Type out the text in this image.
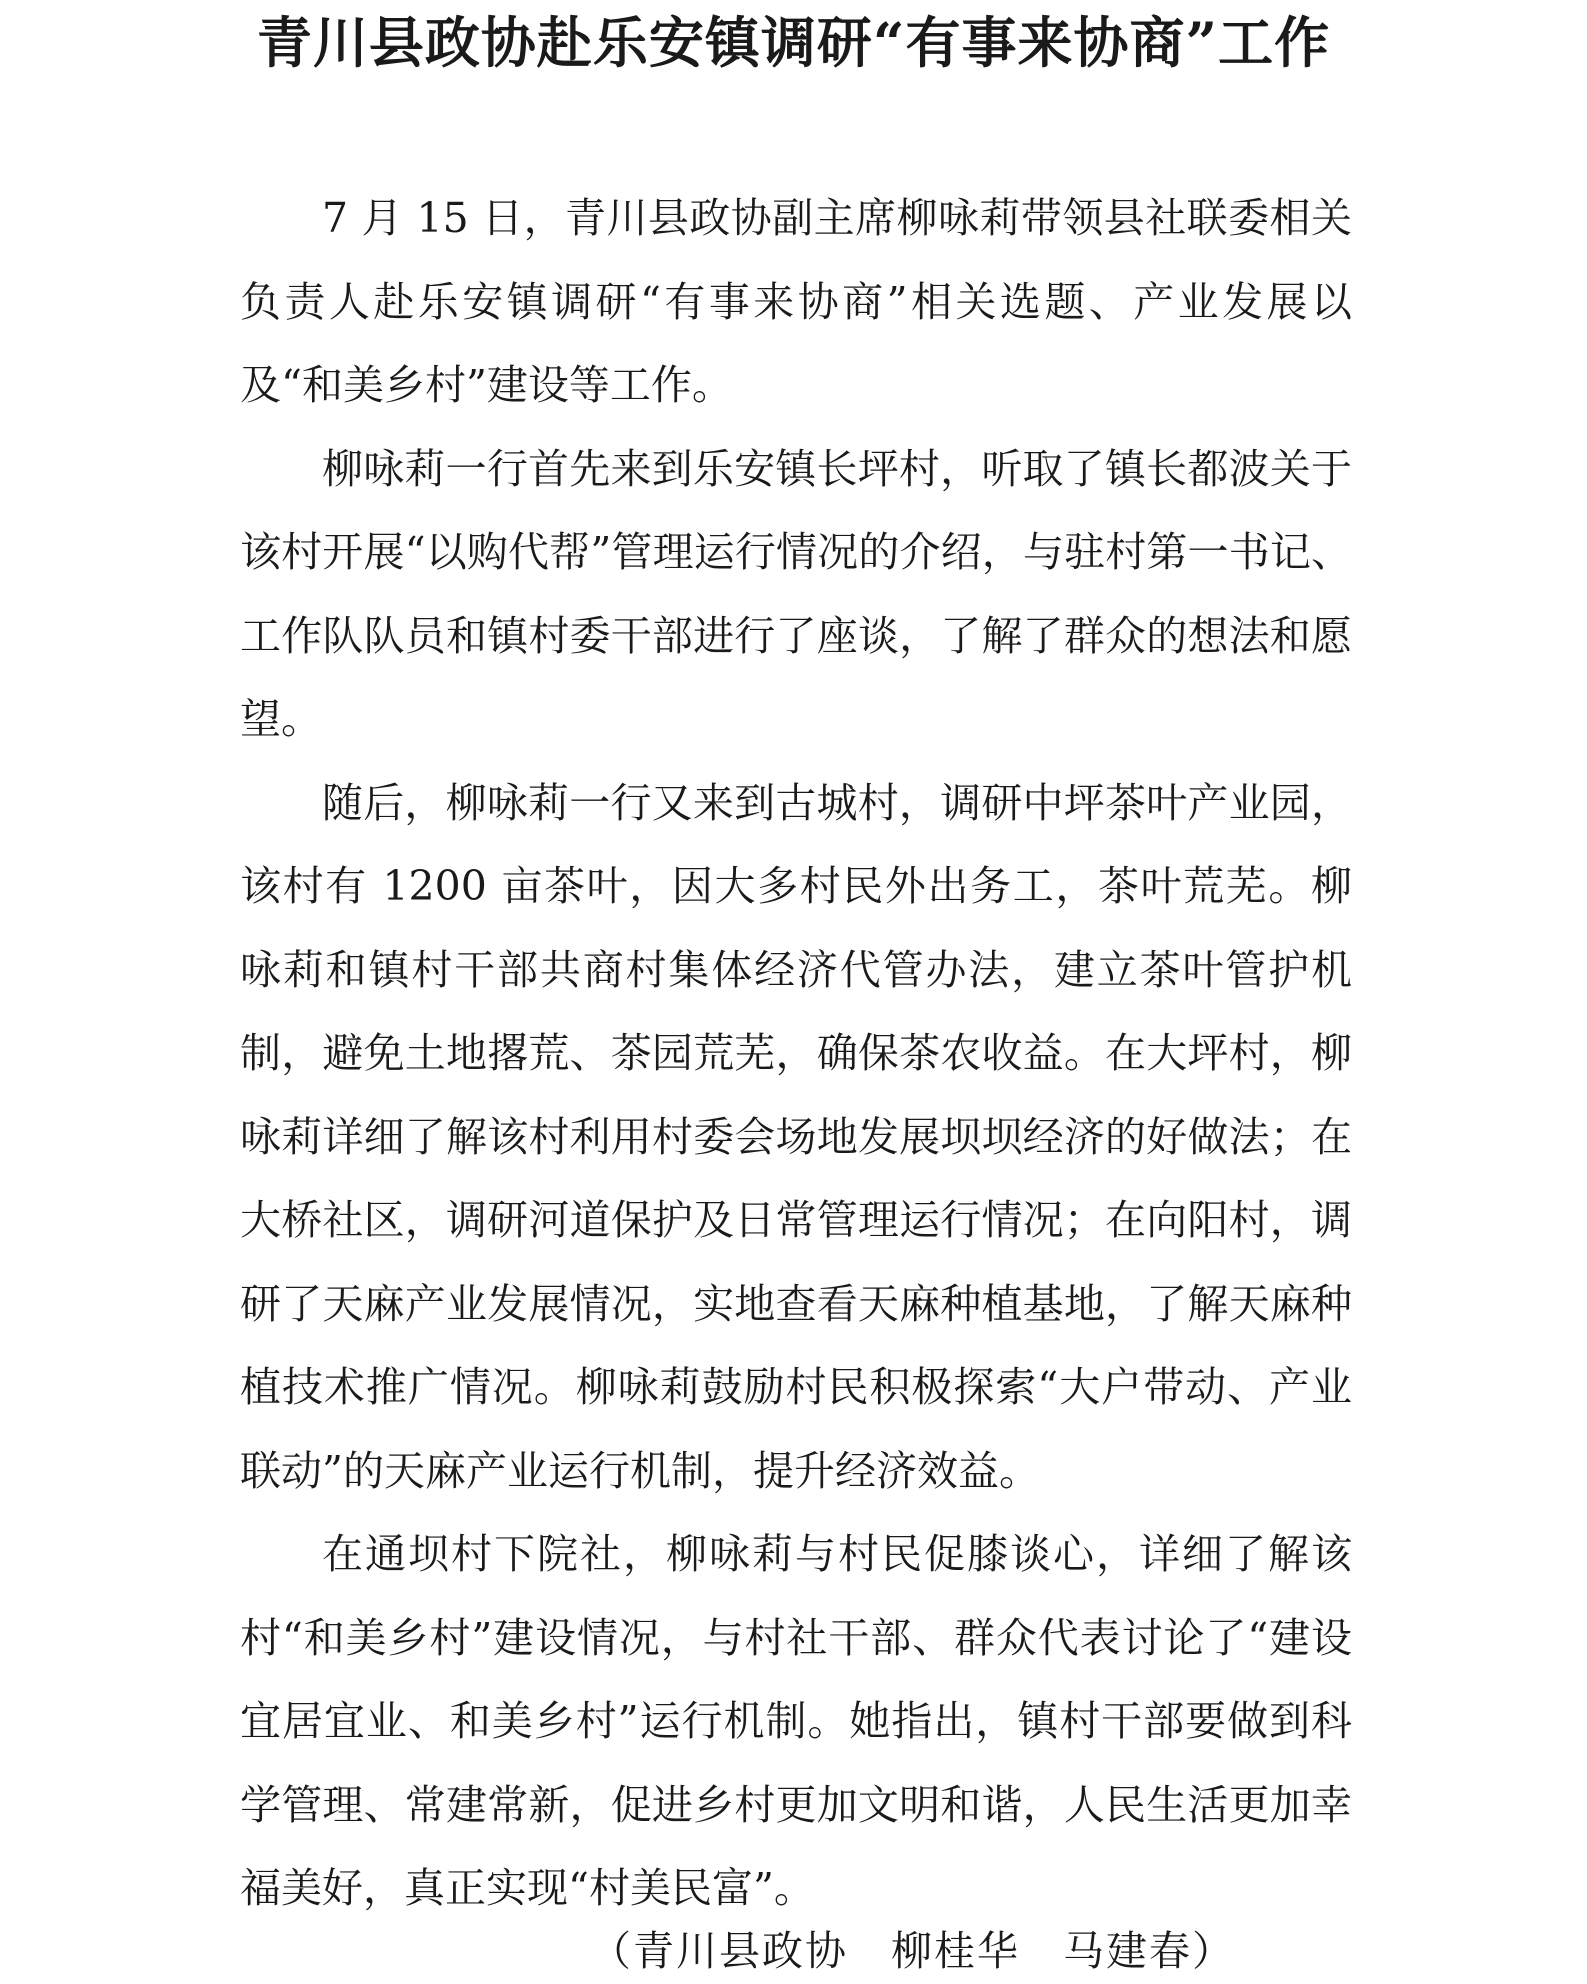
青川县政协赴乐安镇调研“有事来协商”工作

7 月 15 日，青川县政协副主席柳咏莉带领县社联委相关负责人赴乐安镇调研“有事来协商”相关选题、产业发展以及“和美乡村”建设等工作。

柳咏莉一行首先来到乐安镇长坪村，听取了镇长都波关于该村开展“以购代帮”管理运行情况的介绍，与驻村第一书记、工作队队员和镇村委干部进行了座谈，了解了群众的想法和愿望。

随后，柳咏莉一行又来到古城村，调研中坪茶叶产业园，该村有 1200 亩茶叶，因大多村民外出务工，茶叶荒芜。柳咏莉和镇村干部共商村集体经济代管办法，建立茶叶管护机制，避免土地撂荒、茶园荒芜，确保茶农收益。在大坪村，柳咏莉详细了解该村利用村委会场地发展坝坝经济的好做法；在大桥社区，调研河道保护及日常管理运行情况；在向阳村，调研了天麻产业发展情况，实地查看天麻种植基地，了解天麻种植技术推广情况。柳咏莉鼓励村民积极探索“大户带动、产业联动”的天麻产业运行机制，提升经济效益。

在通坝村下院社，柳咏莉与村民促膝谈心，详细了解该村“和美乡村”建设情况，与村社干部、群众代表讨论了“建设宜居宜业、和美乡村”运行机制。她指出，镇村干部要做到科学管理、常建常新，促进乡村更加文明和谐，人民生活更加幸福美好，真正实现“村美民富”。

（青川县政协　柳桂华　马建春）
